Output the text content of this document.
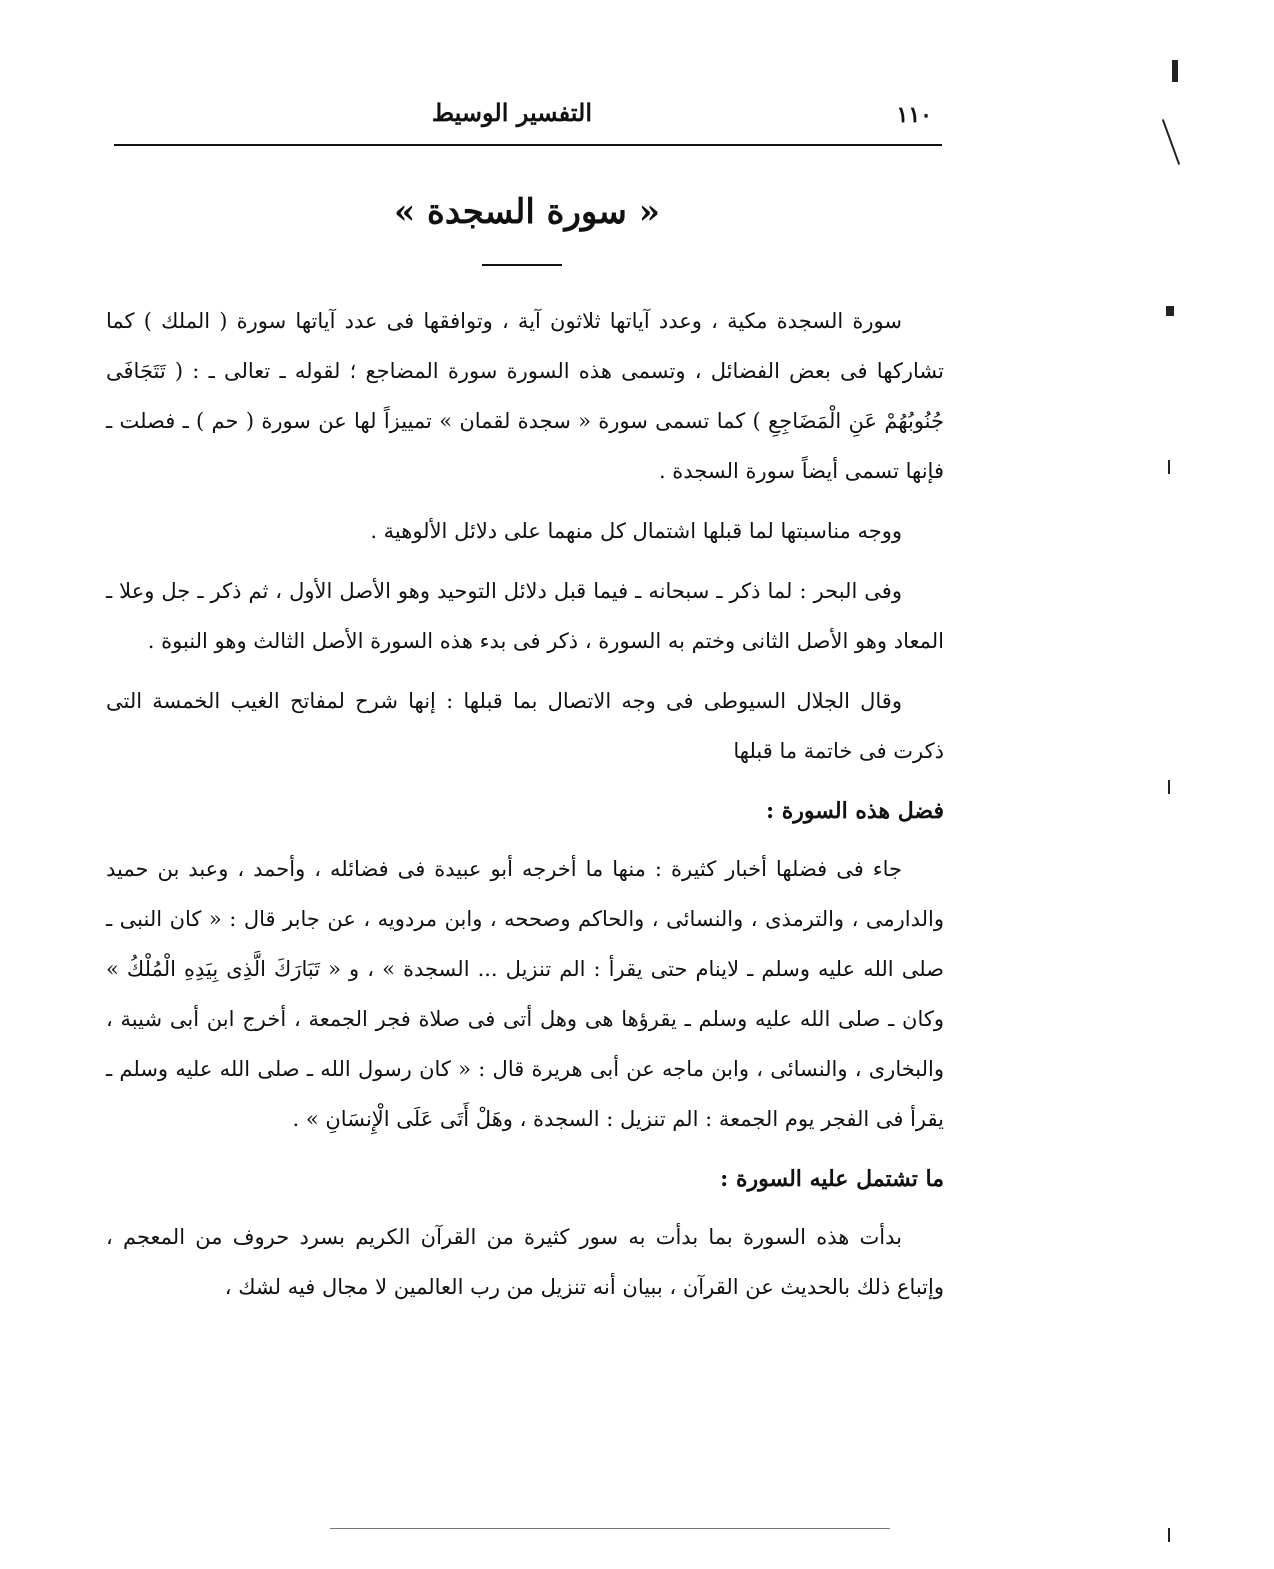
١١٠
التفسير الوسيط
« سورة السجدة »

سورة السجدة مكية ، وعدد آياتها ثلاثون آية ، وتوافقها فى عدد آياتها سورة ( الملك ) كما تشاركها فى بعض الفضائل ، وتسمى هذه السورة سورة المضاجع ؛ لقوله ـ تعالى ـ : ( تَتَجَافَى جُنُوبُهُمْ عَنِ الْمَضَاجِعِ ) كما تسمى سورة « سجدة لقمان » تمييزاً لها عن سورة ( حم ) ـ فصلت ـ فإنها تسمى أيضاً سورة السجدة .

ووجه مناسبتها لما قبلها اشتمال كل منهما على دلائل الألوهية .

وفى البحر : لما ذكر ـ سبحانه ـ فيما قبل دلائل التوحيد وهو الأصل الأول ، ثم ذكر ـ جل وعلا ـ المعاد وهو الأصل الثانى وختم به السورة ، ذكر فى بدء هذه السورة الأصل الثالث وهو النبوة .

وقال الجلال السيوطى فى وجه الاتصال بما قبلها : إنها شرح لمفاتح الغيب الخمسة التى ذكرت فى خاتمة ما قبلها

فضل هذه السورة :

جاء فى فضلها أخبار كثيرة : منها ما أخرجه أبو عبيدة فى فضائله ، وأحمد ، وعبد بن حميد والدارمى ، والترمذى ، والنسائى ، والحاكم وصححه ، وابن مردويه ، عن جابر قال : « كان النبى ـ صلى الله عليه وسلم ـ لاينام حتى يقرأ : الم تنزيل ... السجدة » ، و « تَبَارَكَ الَّذِى بِيَدِهِ الْمُلْكُ » وكان ـ صلى الله عليه وسلم ـ يقرؤها هى وهل أتى فى صلاة فجر الجمعة ، أخرج ابن أبى شيبة ، والبخارى ، والنسائى ، وابن ماجه عن أبى هريرة قال : « كان رسول الله ـ صلى الله عليه وسلم ـ يقرأ فى الفجر يوم الجمعة : الم تنزيل : السجدة ، وهَلْ أَتَى عَلَى الْإِنسَانِ » .

ما تشتمل عليه السورة :

بدأت هذه السورة بما بدأت به سور كثيرة من القرآن الكريم بسرد حروف من المعجم ، وإتباع ذلك بالحديث عن القرآن ، ببيان أنه تنزيل من رب العالمين لا مجال فيه لشك ،
